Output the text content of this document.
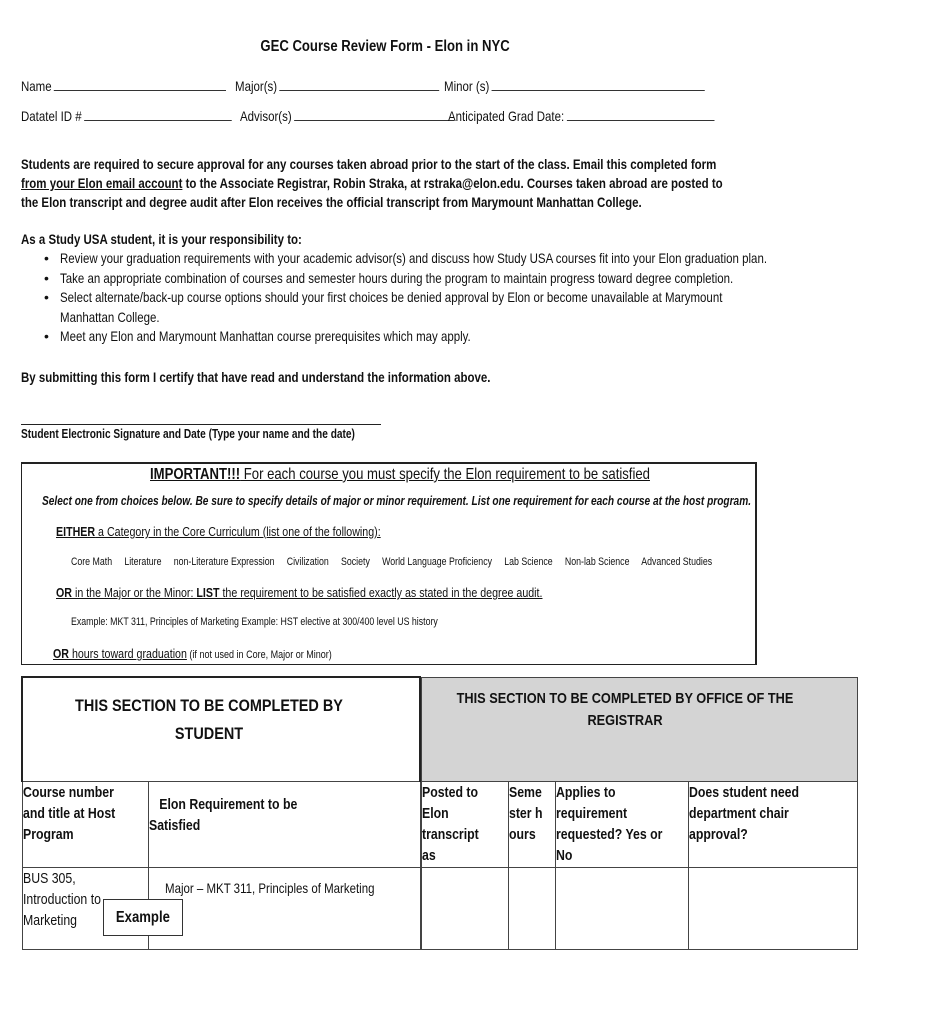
GEC Course Review Form - Elon in NYC
Name	Major(s)	Minor (s)
Datatel ID #	Advisor(s)	Anticipated Grad Date:
Students are required to secure approval for any courses taken abroad prior to the start of the class. Email this completed form from your Elon email account to the Associate Registrar, Robin Straka, at rstraka@elon.edu. Courses taken abroad are posted to the Elon transcript and degree audit after Elon receives the official transcript from Marymount Manhattan College.
As a Study USA student, it is your responsibility to:
• Review your graduation requirements with your academic advisor(s) and discuss how Study USA courses fit into your Elon graduation plan.
• Take an appropriate combination of courses and semester hours during the program to maintain progress toward degree completion.
• Select alternate/back-up course options should your first choices be denied approval by Elon or become unavailable at Marymount
Manhattan College.
• Meet any Elon and Marymount Manhattan course prerequisites which may apply.
By submitting this form I certify that have read and understand the information above.
Student Electronic Signature and Date (Type your name and the date)
IMPORTANT!!! For each course you must specify the Elon requirement to be satisfied
Select one from choices below. Be sure to specify details of major or minor requirement. List one requirement for each course at the host program.
EITHER a Category in the Core Curriculum (list one of the following):
Core Math Literature non-Literature Expression Civilization Society World Language Proficiency Lab Science Non-lab Science Advanced Studies
OR in the Major or the Minor: LIST the requirement to be satisfied exactly as stated in the degree audit.
Example: MKT 311, Principles of Marketing Example: HST elective at 300/400 level US history
OR hours toward graduation (if not used in Core, Major or Minor)
THIS SECTION TO BE COMPLETED BY STUDENT			THIS SECTION TO BE COMPLETED BY OFFICE OF THE REGISTRAR			

Course number and title at Host Program	Elon Requirement to be Satisfied		Posted to Elon transcript as	Semester hours	Applies to requirement requested? Yes or No	Does student need department chair approval?
BUS 305, Introduction to Marketing	Major – MKT 311, Principles of Marketing					
Example
